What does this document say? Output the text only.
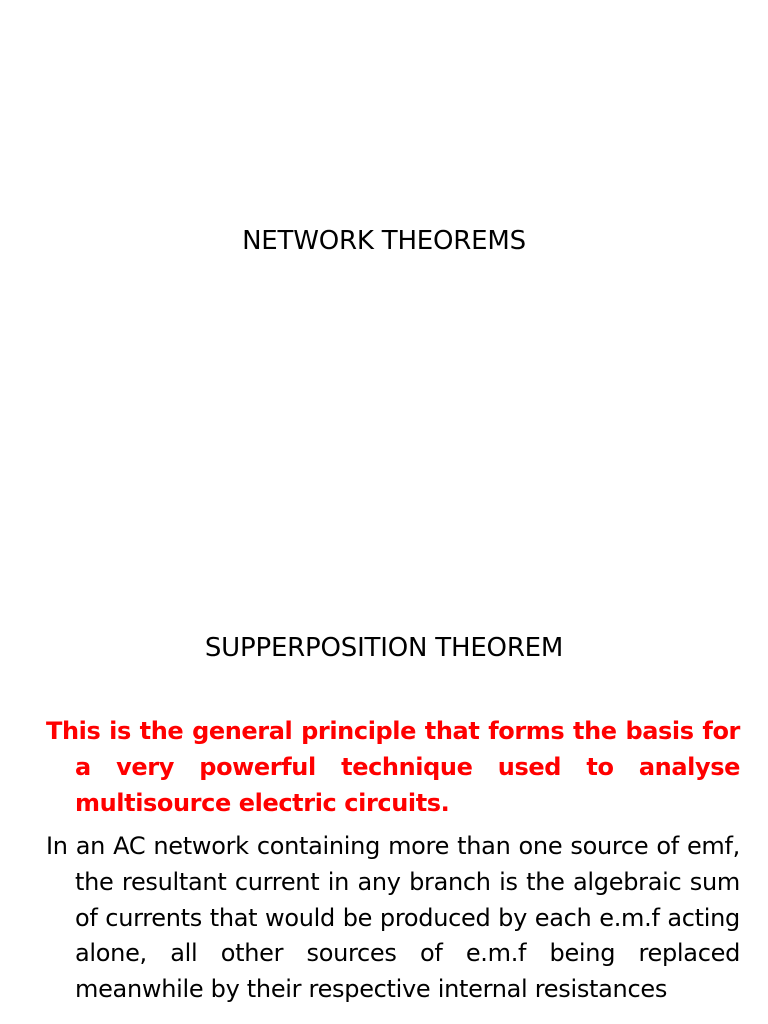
NETWORK THEOREMS
SUPPERPOSITION THEOREM

This is the general principle that forms the basis for a very powerful technique used to analyse multisource electric circuits.

In an AC network containing more than one source of emf, the resultant current in any branch is the algebraic sum of currents that would be produced by each e.m.f acting alone, all other sources of e.m.f being replaced meanwhile by their respective internal resistances
